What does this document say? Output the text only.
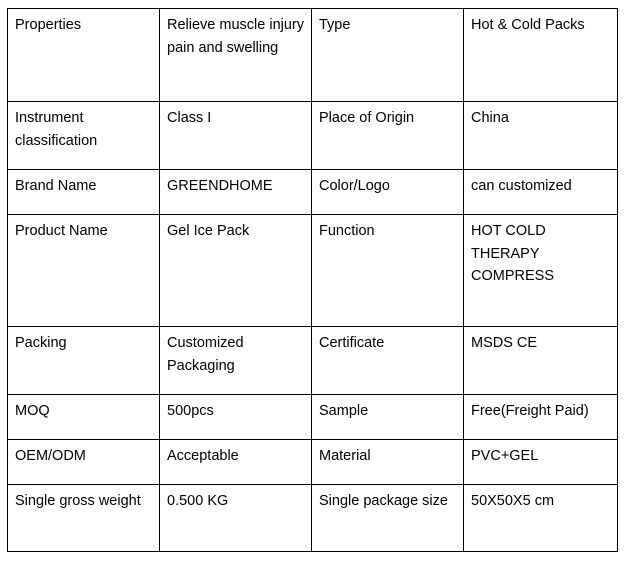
Properties	Relieve muscle injury pain and swelling	Type	Hot & Cold Packs
Instrument classification	Class I	Place of Origin	China
Brand Name	GREENDHOME	Color/Logo	can customized
Product Name	Gel Ice Pack	Function	HOT COLD THERAPY COMPRESS
Packing	Customized Packaging	Certificate	MSDS CE
MOQ	500pcs	Sample	Free(Freight Paid)
OEM/ODM	Acceptable	Material	PVC+GEL
Single gross weight	0.500 KG	Single package size	50X50X5 cm
